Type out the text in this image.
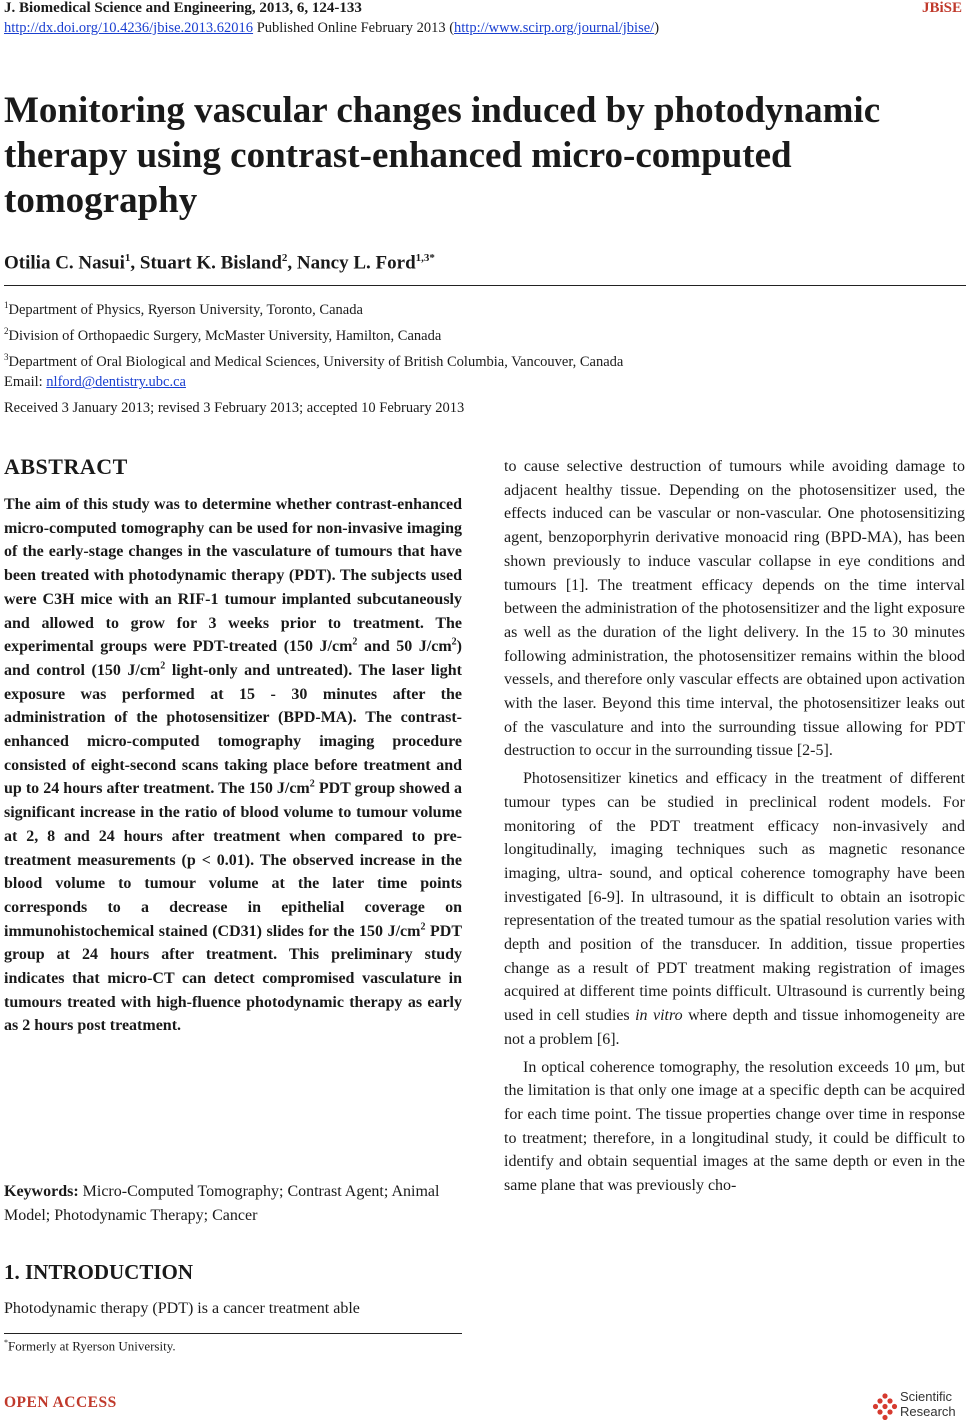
J. Biomedical Science and Engineering, 2013, 6, 124-133	JBiSE
http://dx.doi.org/10.4236/jbise.2013.62016 Published Online February 2013 (http://www.scirp.org/journal/jbise/)
Monitoring vascular changes induced by photodynamic therapy using contrast-enhanced micro-computed tomography
Otilia C. Nasui$^1$, Stuart K. Bisland$^2$, Nancy L. Ford$^{1,3*}$
$^1$Department of Physics, Ryerson University, Toronto, Canada
$^2$Division of Orthopaedic Surgery, McMaster University, Hamilton, Canada
$^3$Department of Oral Biological and Medical Sciences, University of British Columbia, Vancouver, Canada
Email: nlford@dentistry.ubc.ca
Received 3 January 2013; revised 3 February 2013; accepted 10 February 2013
ABSTRACT
The aim of this study was to determine whether contrast-enhanced micro-computed tomography can be used for non-invasive imaging of the early-stage changes in the vasculature of tumours that have been treated with photodynamic therapy (PDT). The subjects used were C3H mice with an RIF-1 tumour implanted subcutaneously and allowed to grow for 3 weeks prior to treatment. The experimental groups were PDT-treated (150 $J/cm^2$ and 50 $J/cm^2$) and control (150 $J/cm^2$ light-only and untreated). The laser light exposure was performed at 15 - 30 minutes after the administration of the photosensitizer (BPD-MA). The contrast-enhanced micro-computed tomography imaging procedure consisted of eight-second scans taking place before treatment and up to 24 hours after treatment. The 150 $J/cm^2$ PDT group showed a significant increase in the ratio of blood volume to tumour volume at 2, 8 and 24 hours after treatment when compared to pre-treatment measurements (p < 0.01). The observed increase in the blood volume to tumour volume at the later time points corresponds to a decrease in epithelial coverage on immunohistochemical stained (CD31) slides for the 150 $J/cm^2$ PDT group at 24 hours after treatment. This preliminary study indicates that micro-CT can detect compromised vasculature in tumours treated with high-fluence photodynamic therapy as early as 2 hours post treatment.
Keywords: Micro-Computed Tomography; Contrast Agent; Animal Model; Photodynamic Therapy; Cancer
1. INTRODUCTION
Photodynamic therapy (PDT) is a cancer treatment able
*Formerly at Ryerson University.

to cause selective destruction of tumours while avoiding damage to adjacent healthy tissue. Depending on the photosensitizer used, the effects induced can be vascular or non-vascular. One photosensitizing agent, benzoporphyrin derivative monoacid ring (BPD-MA), has been shown previously to induce vascular collapse in eye conditions and tumours [1]. The treatment efficacy depends on the time interval between the administration of the photosensitizer and the light exposure as well as the duration of the light delivery. In the 15 to 30 minutes following administration, the photosensitizer remains within the blood vessels, and therefore only vascular effects are obtained upon activation with the laser. Beyond this time interval, the photosensitizer leaks out of the vasculature and into the surrounding tissue allowing for PDT destruction to occur in the surrounding tissue [2-5].

Photosensitizer kinetics and efficacy in the treatment of different tumour types can be studied in preclinical rodent models. For monitoring of the PDT treatment efficacy non-invasively and longitudinally, imaging techniques such as magnetic resonance imaging, ultra- sound, and optical coherence tomography have been investigated [6-9]. In ultrasound, it is difficult to obtain an isotropic representation of the treated tumour as the spatial resolution varies with depth and position of the transducer. In addition, tissue properties change as a result of PDT treatment making registration of images acquired at different time points difficult. Ultrasound is currently being used in cell studies in vitro where depth and tissue inhomogeneity are not a problem [6].

In optical coherence tomography, the resolution exceeds 10 μm, but the limitation is that only one image at a specific depth can be acquired for each time point. The tissue properties change over time in response to treatment; therefore, in a longitudinal study, it could be difficult to identify and obtain sequential images at the same depth or even in the same plane that was previously cho-

OPEN ACCESS	Scientific
Research
